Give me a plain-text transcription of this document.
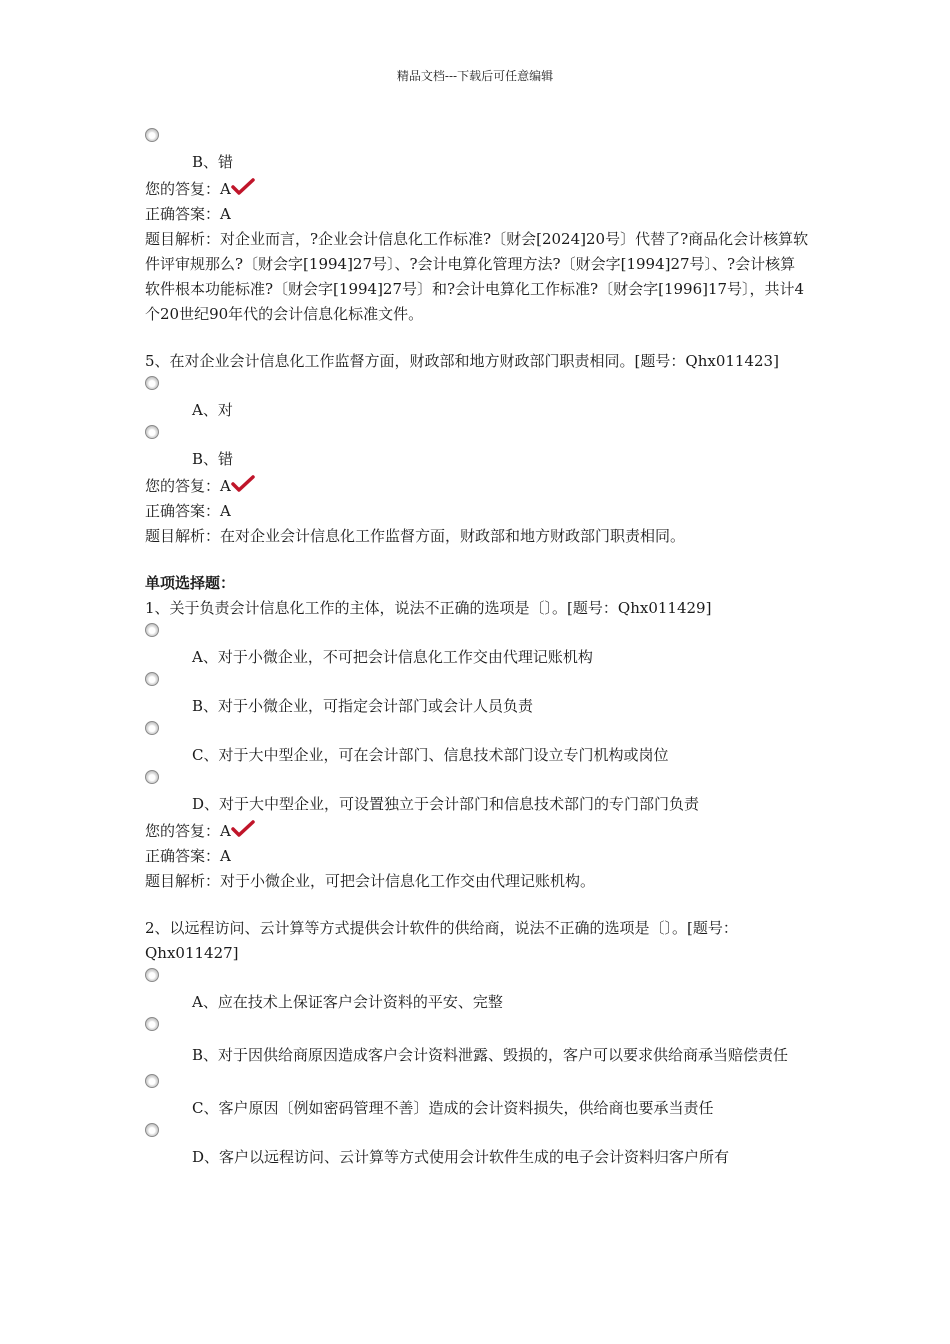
精品文档---下载后可任意编辑
B、错
您的答复：A
正确答案：A
题目解析：对企业而言，?企业会计信息化工作标准?〔财会[2024]20号〕代替了?商品化会计核算软件评审规那么?〔财会字[1994]27号〕、?会计电算化管理方法?〔财会字[1994]27号〕、?会计核算软件根本功能标准?〔财会字[1994]27号〕和?会计电算化工作标准?〔财会字[1996]17号〕，共计4个20世纪90年代的会计信息化标准文件。
5、在对企业会计信息化工作监督方面，财政部和地方财政部门职责相同。[题号：Qhx011423]
A、对
B、错
您的答复：A
正确答案：A
题目解析：在对企业会计信息化工作监督方面，财政部和地方财政部门职责相同。
单项选择题：
1、关于负责会计信息化工作的主体，说法不正确的选项是〔〕。[题号：Qhx011429]
A、对于小微企业，不可把会计信息化工作交由代理记账机构
B、对于小微企业，可指定会计部门或会计人员负责
C、对于大中型企业，可在会计部门、信息技术部门设立专门机构或岗位
D、对于大中型企业，可设置独立于会计部门和信息技术部门的专门部门负责
您的答复：A
正确答案：A
题目解析：对于小微企业，可把会计信息化工作交由代理记账机构。
2、以远程访问、云计算等方式提供会计软件的供给商，说法不正确的选项是〔〕。[题号：Qhx011427]
A、应在技术上保证客户会计资料的平安、完整
B、对于因供给商原因造成客户会计资料泄露、毁损的，客户可以要求供给商承当赔偿责任
C、客户原因〔例如密码管理不善〕造成的会计资料损失，供给商也要承当责任
D、客户以远程访问、云计算等方式使用会计软件生成的电子会计资料归客户所有
